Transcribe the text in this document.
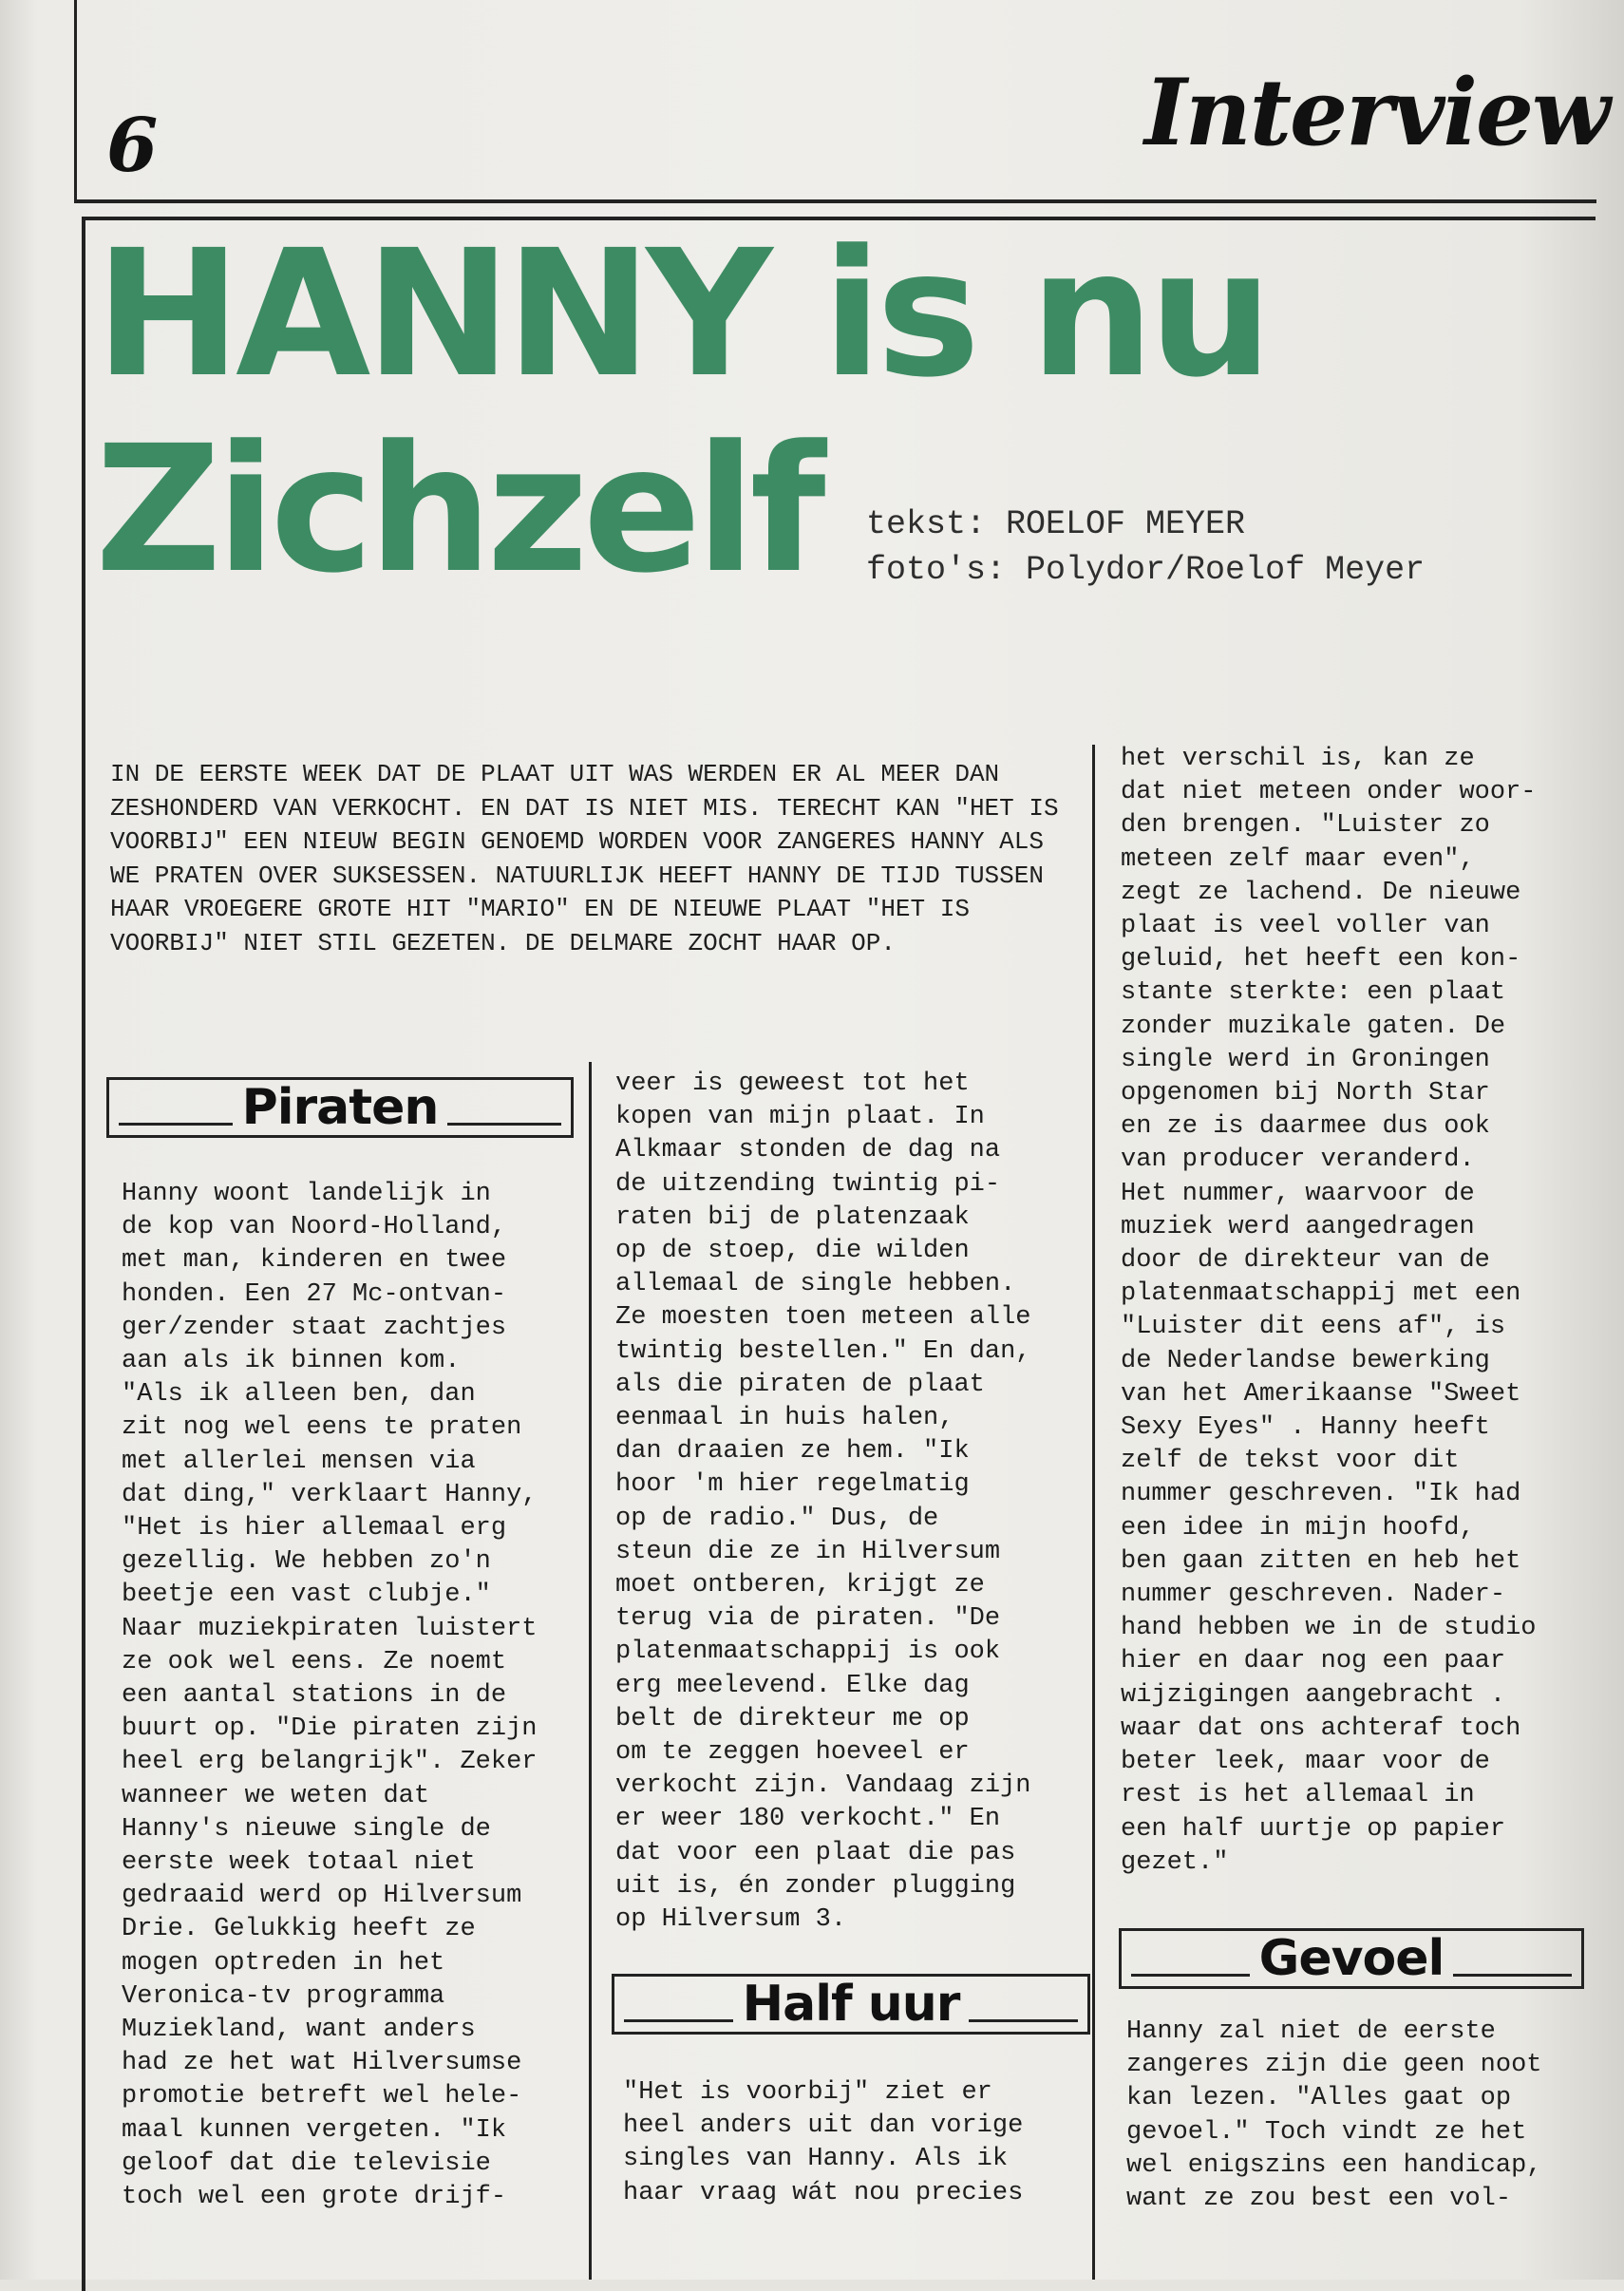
6	Interview
HANNY is nu
Zichzelf	tekst: ROELOF MEYER
foto's: Polydor/Roelof Meyer
IN DE EERSTE WEEK DAT DE PLAAT UIT WAS WERDEN ER AL MEER DAN ZESHONDERD VAN VERKOCHT. EN DAT IS NIET MIS. TERECHT KAN "HET IS VOORBIJ" EEN NIEUW BEGIN GENOEMD WORDEN VOOR ZANGERES HANNY ALS WE PRATEN OVER SUKSESSEN. NATUURLIJK HEEFT HANNY DE TIJD TUSSEN HAAR VROEGERE GROTE HIT "MARIO" EN DE NIEUWE PLAAT "HET IS VOORBIJ" NIET STIL GEZETEN. DE DELMARE ZOCHT HAAR OP.
Piraten

Hanny woont landelijk in

de kop van Noord-Holland,

met man, kinderen en twee

honden. Een 27 Mc-ontvan-

ger/zender staat zachtjes

aan als ik binnen kom.

"Als ik alleen ben, dan

zit nog wel eens te praten

met allerlei mensen via

dat ding," verklaart Hanny,

"Het is hier allemaal erg

gezellig. We hebben zo'n

beetje een vast clubje."

Naar muziekpiraten luistert

ze ook wel eens. Ze noemt

een aantal stations in de

buurt op. "Die piraten zijn

heel erg belangrijk". Zeker

wanneer we weten dat

Hanny's nieuwe single de

eerste week totaal niet

gedraaid werd op Hilversum

Drie. Gelukkig heeft ze

mogen optreden in het

Veronica-tv programma

Muziekland, want anders

had ze het wat Hilversumse

promotie betreft wel hele-

maal kunnen vergeten. "Ik

geloof dat die televisie

toch wel een grote drijf-

veer is geweest tot het

kopen van mijn plaat. In

Alkmaar stonden de dag na

de uitzending twintig pi-

raten bij de platenzaak

op de stoep, die wilden

allemaal de single hebben.

Ze moesten toen meteen alle

twintig bestellen." En dan,

als die piraten de plaat

eenmaal in huis halen,

dan draaien ze hem. "Ik

hoor 'm hier regelmatig

op de radio." Dus, de

steun die ze in Hilversum

moet ontberen, krijgt ze

terug via de piraten. "De

platenmaatschappij is ook

erg meelevend. Elke dag

belt de direkteur me op

om te zeggen hoeveel er

verkocht zijn. Vandaag zijn

er weer 180 verkocht." En

dat voor een plaat die pas

uit is, én zonder plugging

op Hilversum 3.

Half uur

"Het is voorbij" ziet er

heel anders uit dan vorige

singles van Hanny. Als ik

haar vraag wát nou precies

het verschil is, kan ze

dat niet meteen onder woor-

den brengen. "Luister zo

meteen zelf maar even",

zegt ze lachend. De nieuwe

plaat is veel voller van

geluid, het heeft een kon-

stante sterkte: een plaat

zonder muzikale gaten. De

single werd in Groningen

opgenomen bij North Star

en ze is daarmee dus ook

van producer veranderd.

Het nummer, waarvoor de

muziek werd aangedragen

door de direkteur van de

platenmaatschappij met een

"Luister dit eens af", is

de Nederlandse bewerking

van het Amerikaanse "Sweet

Sexy Eyes" . Hanny heeft

zelf de tekst voor dit

nummer geschreven. "Ik had

een idee in mijn hoofd,

ben gaan zitten en heb het

nummer geschreven. Nader-

hand hebben we in de studio

hier en daar nog een paar

wijzigingen aangebracht .

waar dat ons achteraf toch

beter leek, maar voor de

rest is het allemaal in

een half uurtje op papier

gezet."

Gevoel

Hanny zal niet de eerste

zangeres zijn die geen noot

kan lezen. "Alles gaat op

gevoel." Toch vindt ze het

wel enigszins een handicap,

want ze zou best een vol-
